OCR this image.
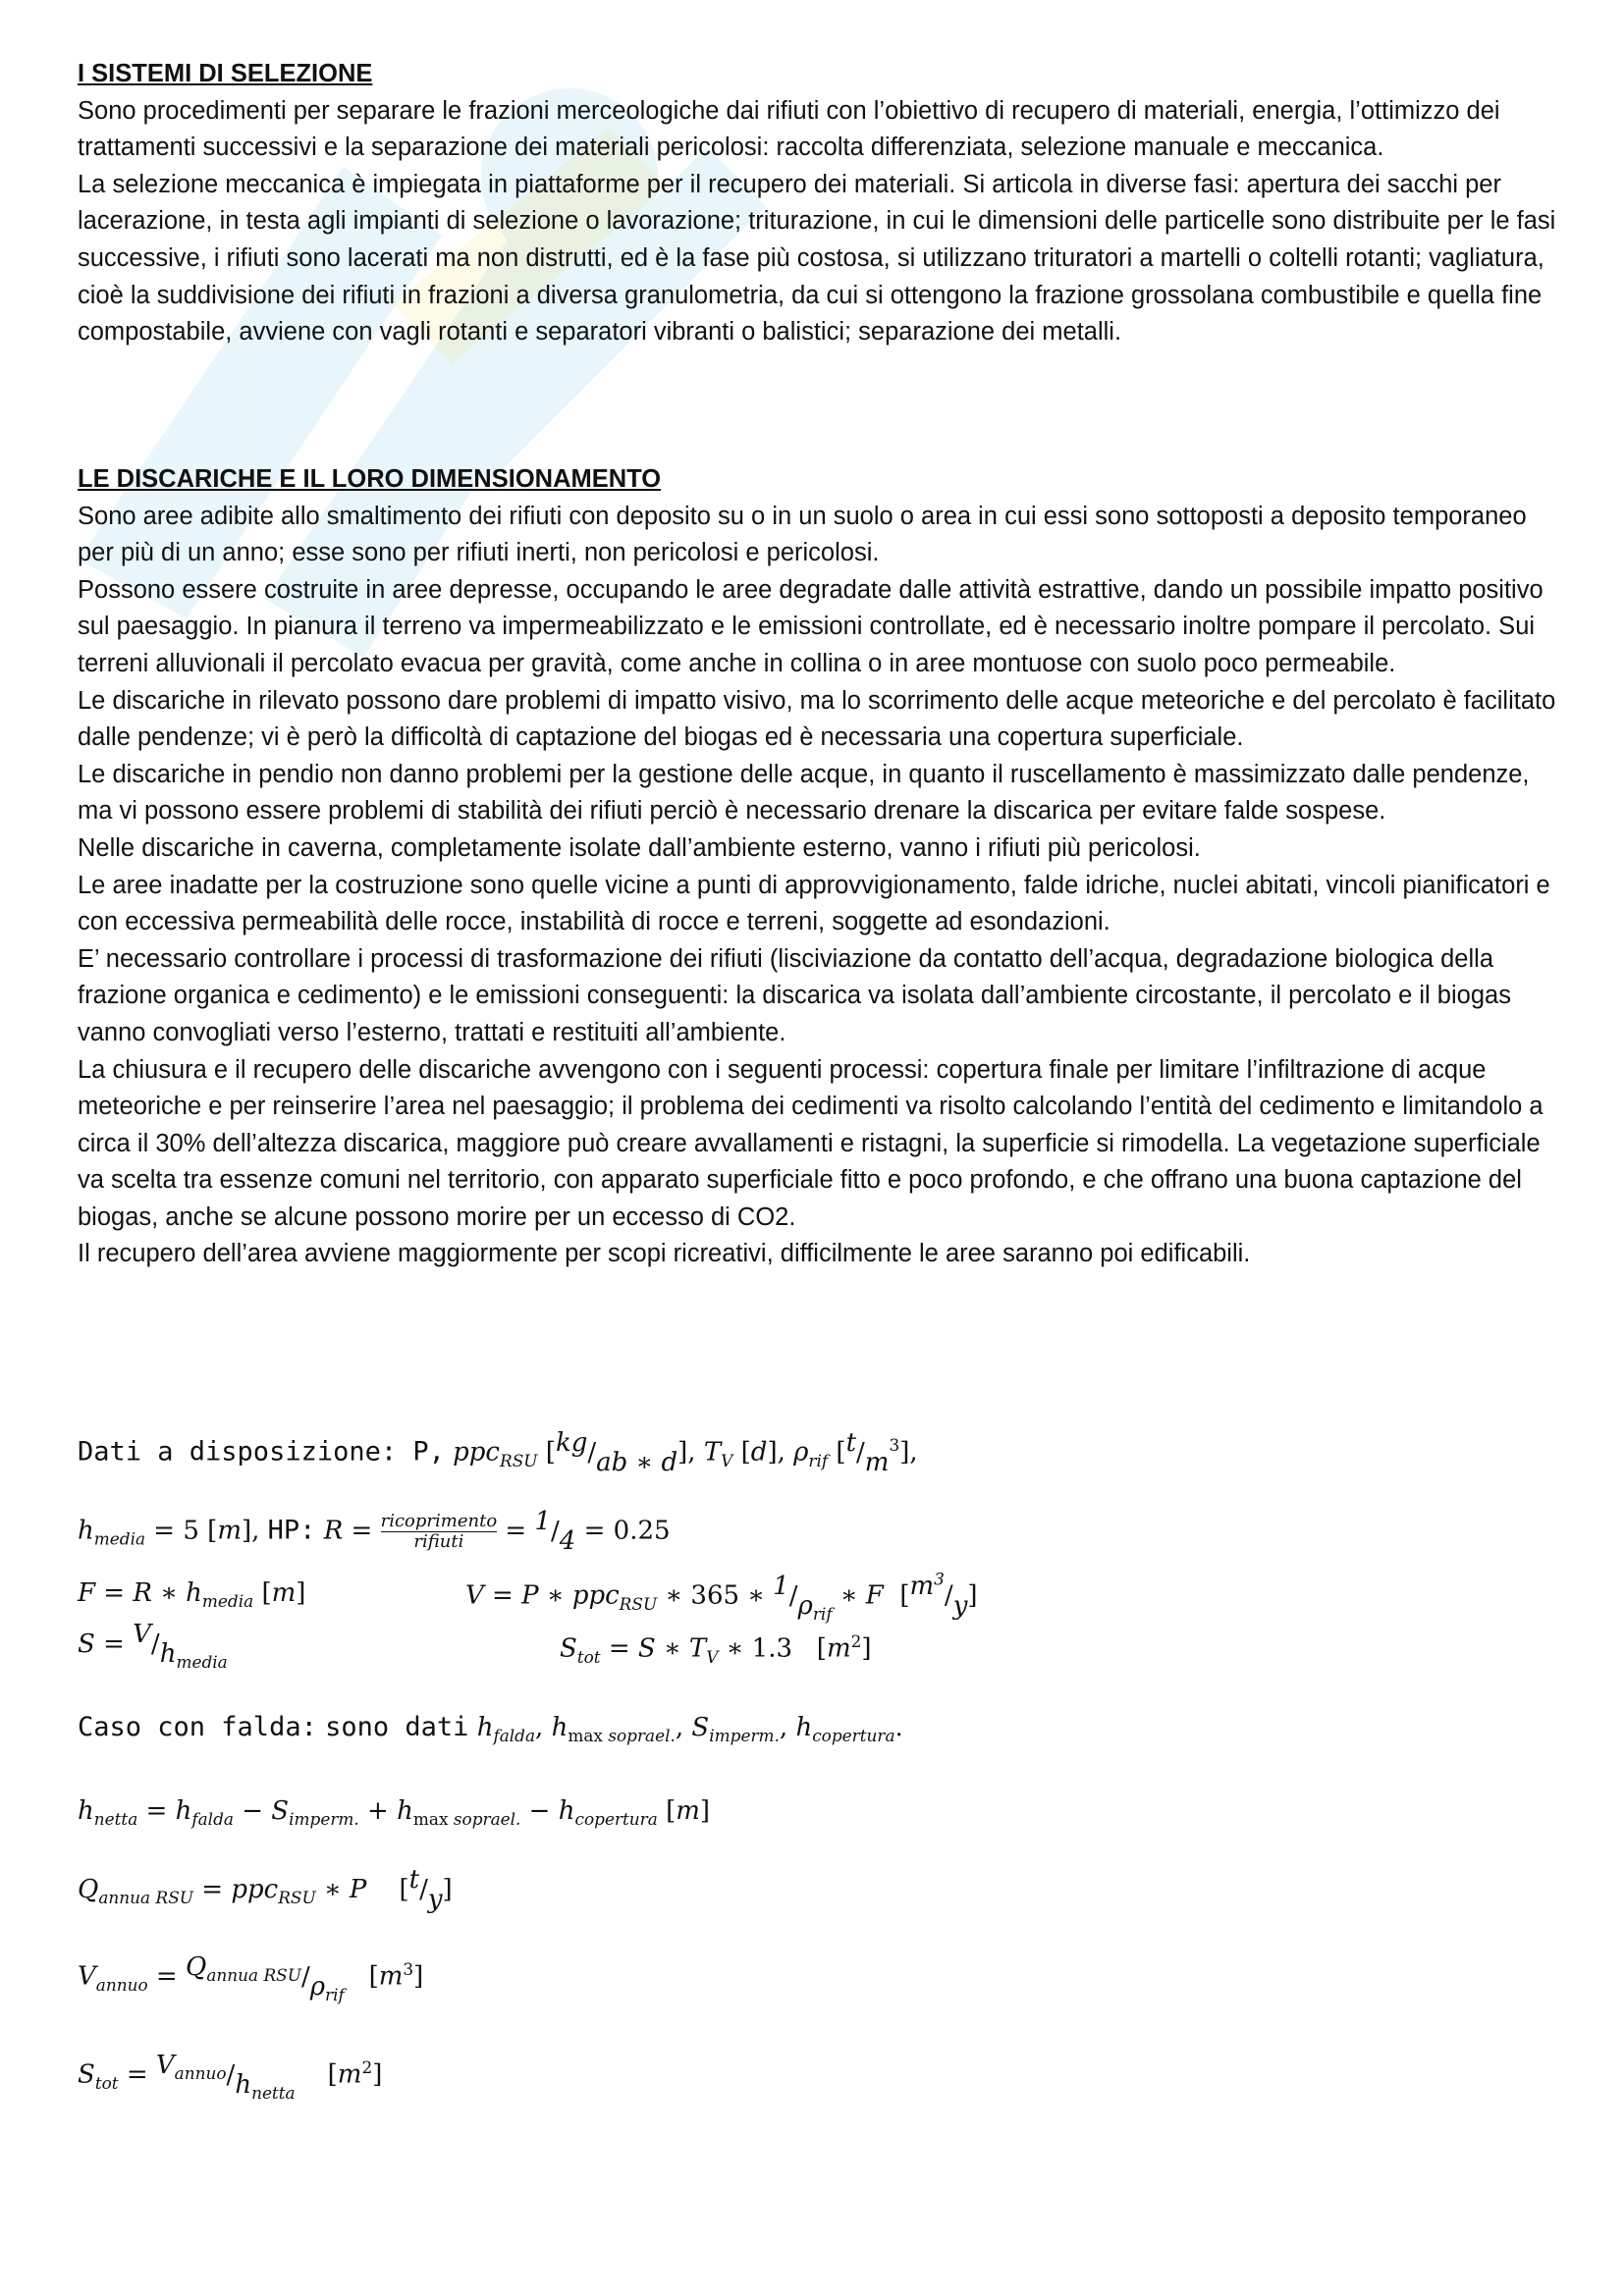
I SISTEMI DI SELEZIONE

Sono procedimenti per separare le frazioni merceologiche dai rifiuti con l’obiettivo di recupero di materiali, energia, l’ottimizzo dei trattamenti successivi e la separazione dei materiali pericolosi: raccolta differenziata, selezione manuale e meccanica.

La selezione meccanica è impiegata in piattaforme per il recupero dei materiali. Si articola in diverse fasi: apertura dei sacchi per lacerazione, in testa agli impianti di selezione o lavorazione; triturazione, in cui le dimensioni delle particelle sono distribuite per le fasi successive, i rifiuti sono lacerati ma non distrutti, ed è la fase più costosa, si utilizzano trituratori a martelli o coltelli rotanti; vagliatura, cioè la suddivisione dei rifiuti in frazioni a diversa granulometria, da cui si ottengono la frazione grossolana combustibile e quella fine compostabile, avviene con vagli rotanti e separatori vibranti o balistici; separazione dei metalli.

LE DISCARICHE E IL LORO DIMENSIONAMENTO

Sono aree adibite allo smaltimento dei rifiuti con deposito su o in un suolo o area in cui essi sono sottoposti a deposito temporaneo per più di un anno; esse sono per rifiuti inerti, non pericolosi e pericolosi.

Possono essere costruite in aree depresse, occupando le aree degradate dalle attività estrattive, dando un possibile impatto positivo sul paesaggio. In pianura il terreno va impermeabilizzato e le emissioni controllate, ed è necessario inoltre pompare il percolato. Sui terreni alluvionali il percolato evacua per gravità, come anche in collina o in aree montuose con suolo poco permeabile.

Le discariche in rilevato possono dare problemi di impatto visivo, ma lo scorrimento delle acque meteoriche e del percolato è facilitato dalle pendenze; vi è però la difficoltà di captazione del biogas ed è necessaria una copertura superficiale.

Le discariche in pendio non danno problemi per la gestione delle acque, in quanto il ruscellamento è massimizzato dalle pendenze, ma vi possono essere problemi di stabilità dei rifiuti perciò è necessario drenare la discarica per evitare falde sospese.

Nelle discariche in caverna, completamente isolate dall’ambiente esterno, vanno i rifiuti più pericolosi.

Le aree inadatte per la costruzione sono quelle vicine a punti di approvvigionamento, falde idriche, nuclei abitati, vincoli pianificatori e con eccessiva permeabilità delle rocce, instabilità di rocce e terreni, soggette ad esondazioni.

E’ necessario controllare i processi di trasformazione dei rifiuti (lisciviazione da contatto dell’acqua, degradazione biologica della frazione organica e cedimento) e le emissioni conseguenti: la discarica va isolata dall’ambiente circostante, il percolato e il biogas vanno convogliati verso l’esterno, trattati e restituiti all’ambiente.

La chiusura e il recupero delle discariche avvengono con i seguenti processi: copertura finale per limitare l’infiltrazione di acque meteoriche e per reinserire l’area nel paesaggio; il problema dei cedimenti va risolto calcolando l’entità del cedimento e limitandolo a circa il 30% dell’altezza discarica, maggiore può creare avvallamenti e ristagni, la superficie si rimodella. La vegetazione superficiale va scelta tra essenze comuni nel territorio, con apparato superficiale fitto e poco profondo, e che offrano una buona captazione del biogas, anche se alcune possono morire per un eccesso di CO2.

Il recupero dell’area avviene maggiormente per scopi ricreativi, difficilmente le aree saranno poi edificabili.

Dati a disposizione: P, ppc$_{RSU}$ [kg/ab ∗ d], $T_V$ [d], $\rho_{rif}$ $[t/m^3]$,
$h_{media} = 5$ [m], HP: R = ricoprimento
rifiuti = 1/4 = 0.25
F = R ∗ $h_{media}$ [m]	V = P ∗ ppc$_{RSU}$ ∗ 365 ∗ $1/\rho_{rif}$ ∗ F  $[m^3/y]$
$S = V/h_{media}$	$S_{tot} = S$ ∗ $T_V$ ∗ 1.3   $[m^2]$
Caso con falda: sono dati $h_{falda}$, $h_{max soprael.}$, $S_{imperm.}$, $h_{copertura}$.
$h_{netta} = h_{falda} - S_{imperm.} + h_{max soprael.} - h_{copertura}$ [m]
$Q_{annua RSU} = ppc_{RSU}$ ∗ P    [t/y]
$V_{annuo} = Q_{annua RSU}/\rho_{rif}$   $[m^3]$
$S_{tot} = V_{annuo}/h_{netta}$    $[m^2]$
